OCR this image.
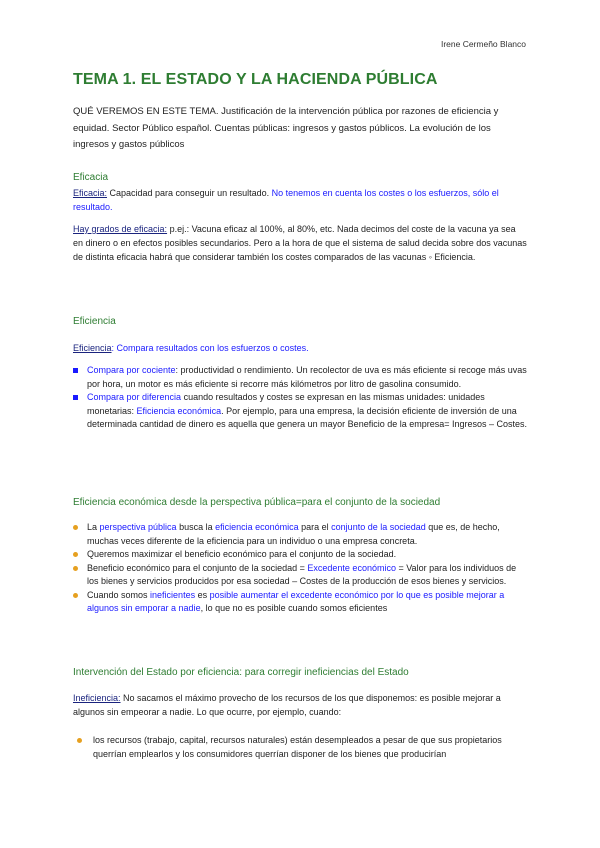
Irene Cermeño Blanco
TEMA 1. EL ESTADO Y LA HACIENDA PÚBLICA
QUÉ VEREMOS EN ESTE TEMA. Justificación de la intervención pública por razones de eficiencia y equidad. Sector Público español. Cuentas públicas: ingresos y gastos públicos. La evolución de los ingresos y gastos públicos
Eficacia
Eficacia: Capacidad para conseguir un resultado. No tenemos en cuenta los costes o los esfuerzos, sólo el resultado.
Hay grados de eficacia: p.ej.: Vacuna eficaz al 100%, al 80%, etc. Nada decimos del coste de la vacuna ya sea en dinero o en efectos posibles secundarios. Pero a la hora de que el sistema de salud decida sobre dos vacunas de distinta eficacia habrá que considerar también los costes comparados de las vacunas ◦ Eficiencia.
Eficiencia
Eficiencia: Compara resultados con los esfuerzos o costes.
Compara por cociente: productividad o rendimiento. Un recolector de uva es más eficiente si recoge más uvas por hora, un motor es más eficiente si recorre más kilómetros por litro de gasolina consumido.
Compara por diferencia cuando resultados y costes se expresan en las mismas unidades: unidades monetarias: Eficiencia económica. Por ejemplo, para una empresa, la decisión eficiente de inversión de una determinada cantidad de dinero es aquella que genera un mayor Beneficio de la empresa= Ingresos – Costes.
Eficiencia económica desde la perspectiva pública=para el conjunto de la sociedad
La perspectiva pública busca la eficiencia económica para el conjunto de la sociedad que es, de hecho, muchas veces diferente de la eficiencia para un individuo o una empresa concreta.
Queremos maximizar el beneficio económico para el conjunto de la sociedad.
Beneficio económico para el conjunto de la sociedad = Excedente económico = Valor para los individuos de los bienes y servicios producidos por esa sociedad – Costes de la producción de esos bienes y servicios.
Cuando somos ineficientes es posible aumentar el excedente económico por lo que es posible mejorar a algunos sin emporar a nadie, lo que no es posible cuando somos eficientes
Intervención del Estado por eficiencia: para corregir ineficiencias del Estado
Ineficiencia: No sacamos el máximo provecho de los recursos de los que disponemos: es posible mejorar a algunos sin empeorar a nadie. Lo que ocurre, por ejemplo, cuando:
los recursos (trabajo, capital, recursos naturales) están desempleados a pesar de que sus propietarios querrían emplearlos y los consumidores querrían disponer de los bienes que producirían
